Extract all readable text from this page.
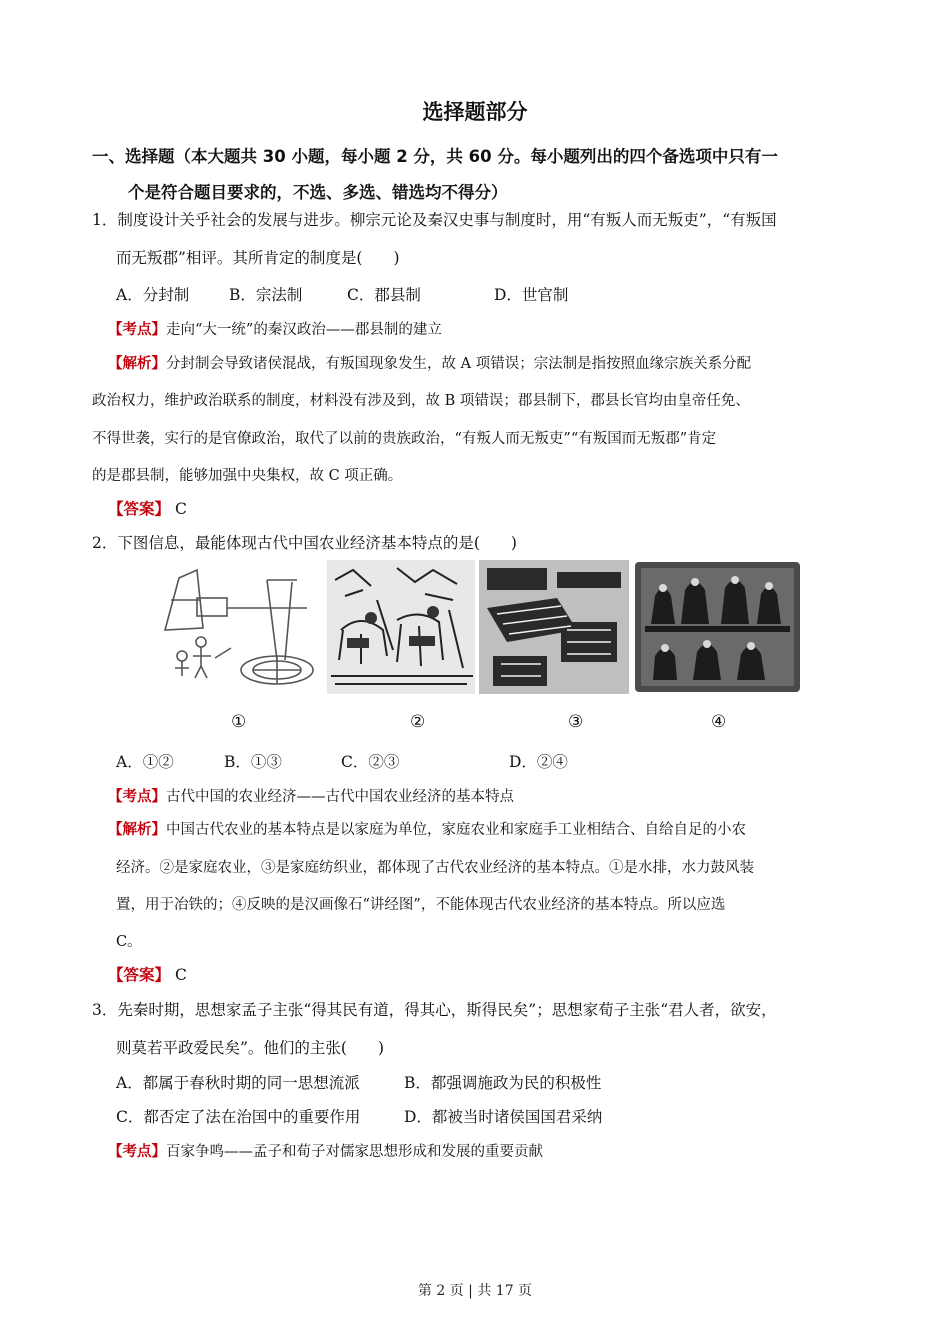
选择题部分
一、选择题（本大题共 30 小题，每小题 2 分，共 60 分。每小题列出的四个备选项中只有一
个是符合题目要求的，不选、多选、错选均不得分）
1．制度设计关乎社会的发展与进步。柳宗元论及秦汉史事与制度时，用“有叛人而无叛吏”，“有叛国
而无叛郡”相评。其所肯定的制度是(　　)
A．分封制	B．宗法制	C．郡县制	D．世官制
【考点】走向“大一统”的秦汉政治——郡县制的建立
【解析】分封制会导致诸侯混战，有叛国现象发生，故 A 项错误；宗法制是指按照血缘宗族关系分配
政治权力，维护政治联系的制度，材料没有涉及到，故 B 项错误；郡县制下，郡县长官均由皇帝任免、
不得世袭，实行的是官僚政治，取代了以前的贵族政治，“有叛人而无叛吏”“有叛国而无叛郡”肯定
的是郡县制，能够加强中央集权，故 C 项正确。
【答案】 C
2．下图信息，最能体现古代中国农业经济基本特点的是(　　)
①	②	③	④
A．①②	B．①③	C．②③	D．②④
【考点】古代中国的农业经济——古代中国农业经济的基本特点
【解析】中国古代农业的基本特点是以家庭为单位，家庭农业和家庭手工业相结合、自给自足的小农
经济。②是家庭农业，③是家庭纺织业，都体现了古代农业经济的基本特点。①是水排，水力鼓风装
置，用于冶铁的；④反映的是汉画像石“讲经图”，不能体现古代农业经济的基本特点。所以应选
C。
【答案】 C
3．先秦时期，思想家孟子主张“得其民有道，得其心，斯得民矣”；思想家荀子主张“君人者，欲安，
则莫若平政爱民矣”。他们的主张(　　)
A．都属于春秋时期的同一思想流派	B．都强调施政为民的积极性
C．都否定了法在治国中的重要作用	D．都被当时诸侯国国君采纳
【考点】百家争鸣——孟子和荀子对儒家思想形成和发展的重要贡献
第 2 页 | 共 17 页
